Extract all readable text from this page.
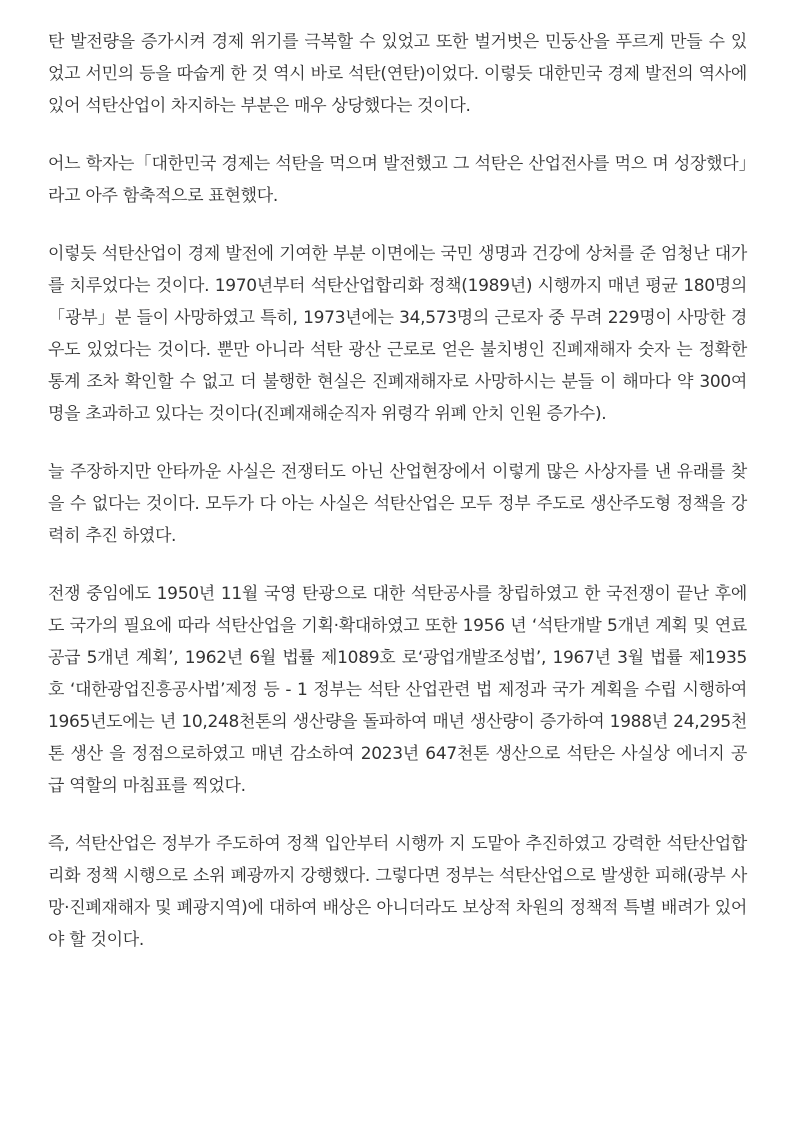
탄 발전량을 증가시켜 경제 위기를 극복할 수 있었고 또한 벌거벗은 민둥산을 푸르게 만들 수 있었고 서민의 등을 따숩게 한 것 역시 바로 석탄(연탄)이었다. 이렇듯 대한민국 경제 발전의 역사에 있어 석탄산업이 차지하는 부분은 매우 상당했다는 것이다.

어느 학자는「대한민국 경제는 석탄을 먹으며 발전했고 그 석탄은 산업전사를 먹으 며 성장했다」라고 아주 함축적으로 표현했다.

이렇듯 석탄산업이 경제 발전에 기여한 부분 이면에는 국민 생명과 건강에 상처를 준 엄청난 대가를 치루었다는 것이다. 1970년부터 석탄산업합리화 정책(1989년) 시행까지 매년 평균 180명의「광부」분 들이 사망하였고 특히, 1973년에는 34,573명의 근로자 중 무려 229명이 사망한 경 우도 있었다는 것이다. 뿐만 아니라 석탄 광산 근로로 얻은 불치병인 진폐재해자 숫자 는 정확한 통계 조차 확인할 수 없고 더 불행한 현실은 진폐재해자로 사망하시는 분들 이 해마다 약 300여명을 초과하고 있다는 것이다(진폐재해순직자 위령각 위폐 안치 인원 증가수).

늘 주장하지만 안타까운 사실은 전쟁터도 아닌 산업현장에서 이렇게 많은 사상자를 낸 유래를 찾을 수 없다는 것이다. 모두가 다 아는 사실은 석탄산업은 모두 정부 주도로 생산주도형 정책을 강력히 추진 하였다.

전쟁 중임에도 1950년 11월 국영 탄광으로 대한 석탄공사를 창립하였고 한 국전쟁이 끝난 후에도 국가의 필요에 따라 석탄산업을 기획·확대하였고 또한 1956 년 ‘석탄개발 5개년 계획 및 연료 공급 5개년 계획’, 1962년 6월 법률 제1089호 로‘광업개발조성법’, 1967년 3월 법률 제1935호 ‘대한광업진흥공사법’제정 등 - 1 정부는 석탄 산업관련 법 제정과 국가 계획을 수립 시행하여 1965년도에는 년 10,248천톤의 생산량을 돌파하여 매년 생산량이 증가하여 1988년 24,295천톤 생산 을 정점으로하였고 매년 감소하여 2023년 647천톤 생산으로 석탄은 사실상 에너지 공급 역할의 마침표를 찍었다.

즉, 석탄산업은 정부가 주도하여 정책 입안부터 시행까 지 도맡아 추진하였고 강력한 석탄산업합리화 정책 시행으로 소위 폐광까지 강행했다. 그렇다면 정부는 석탄산업으로 발생한 피해(광부 사망·진폐재해자 및 폐광지역)에 대하여 배상은 아니더라도 보상적 차원의 정책적 특별 배려가 있어야 할 것이다.
